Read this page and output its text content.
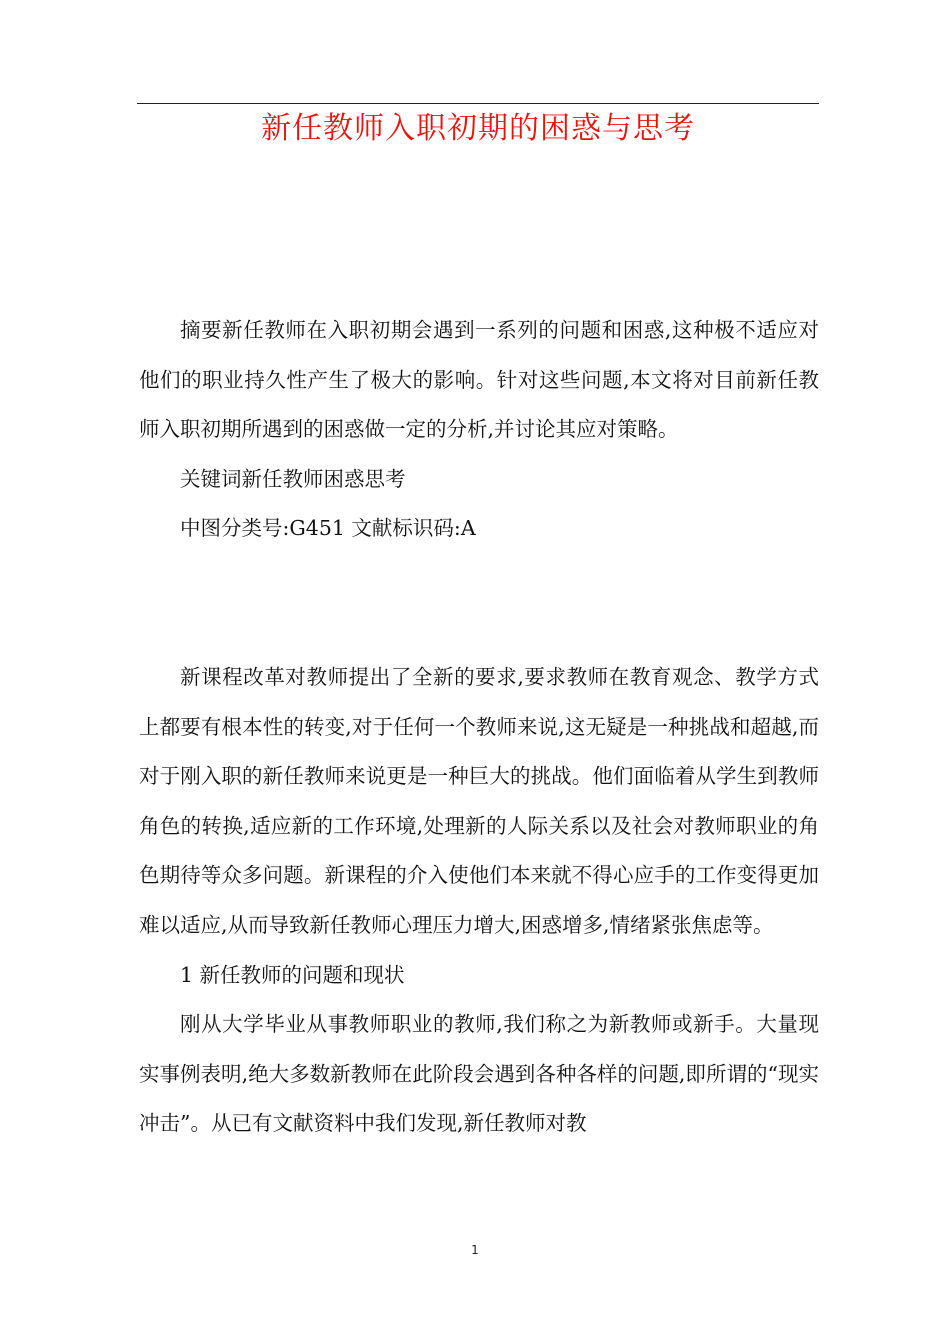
新任教师入职初期的困惑与思考

摘要新任教师在入职初期会遇到一系列的问题和困惑,这种极不适应对他们的职业持久性产生了极大的影响。针对这些问题,本文将对目前新任教师入职初期所遇到的困惑做一定的分析,并讨论其应对策略。

关键词新任教师困惑思考

中图分类号:G451 文献标识码:A

新课程改革对教师提出了全新的要求,要求教师在教育观念、教学方式上都要有根本性的转变,对于任何一个教师来说,这无疑是一种挑战和超越,而对于刚入职的新任教师来说更是一种巨大的挑战。他们面临着从学生到教师角色的转换,适应新的工作环境,处理新的人际关系以及社会对教师职业的角色期待等众多问题。新课程的介入使他们本来就不得心应手的工作变得更加难以适应,从而导致新任教师心理压力增大,困惑增多,情绪紧张焦虑等。

1 新任教师的问题和现状

刚从大学毕业从事教师职业的教师,我们称之为新教师或新手。大量现实事例表明,绝大多数新教师在此阶段会遇到各种各样的问题,即所谓的“现实冲击”。从已有文献资料中我们发现,新任教师对教

1
